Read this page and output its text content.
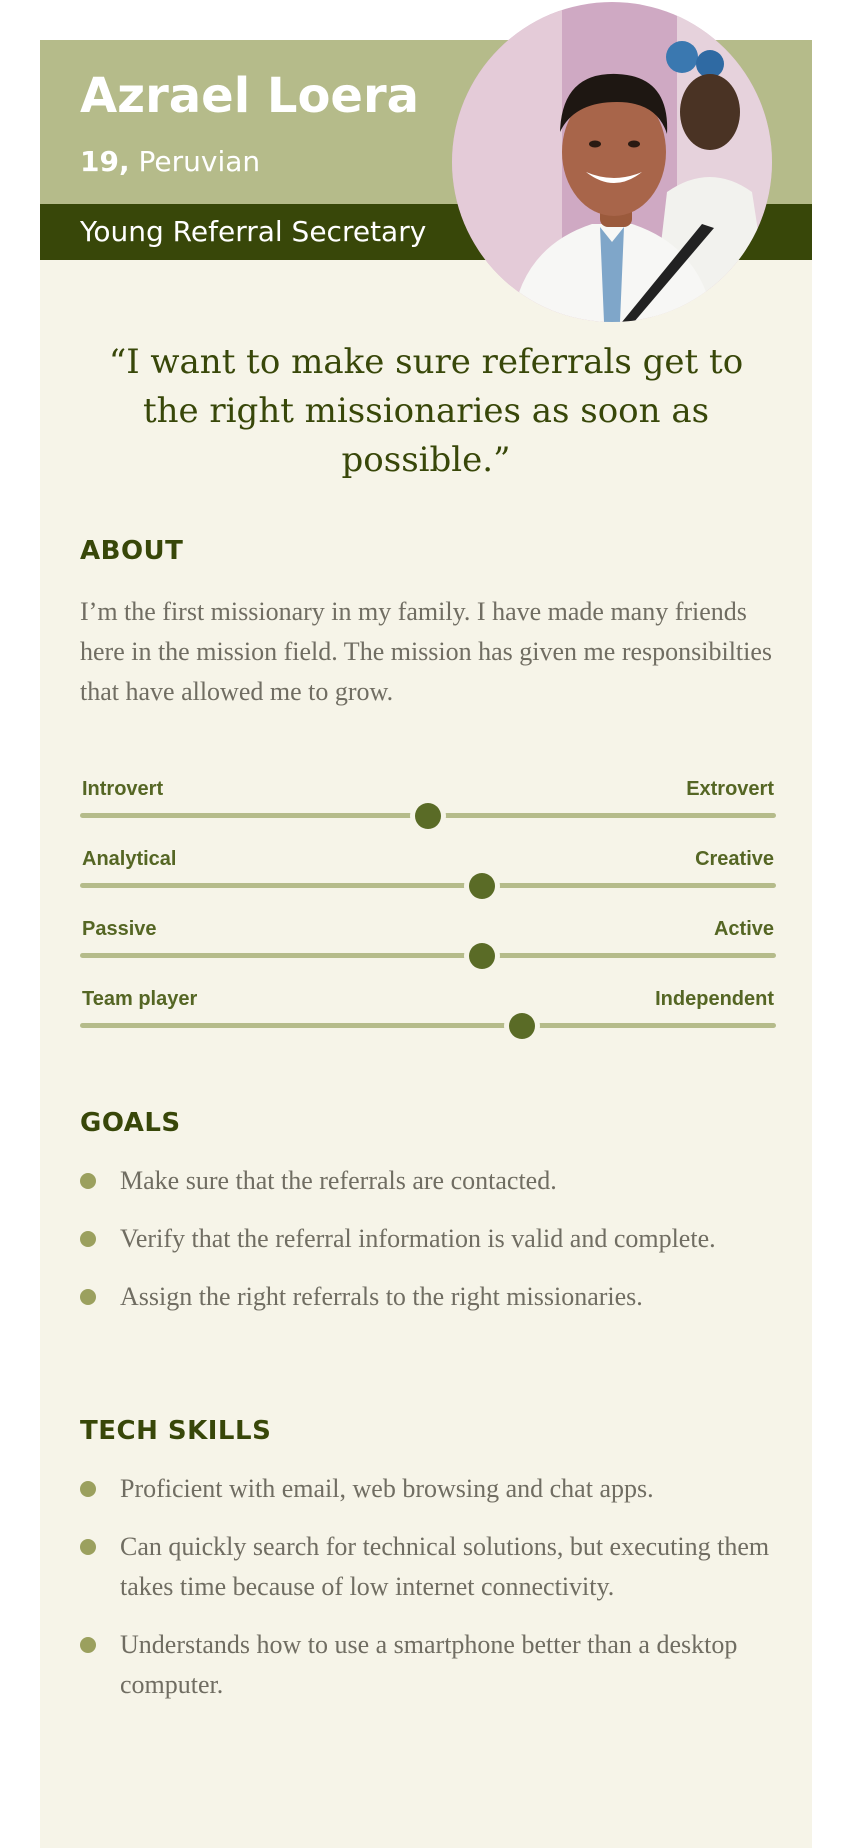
Azrael Loera
19, Peruvian
Young Referral Secretary
“I want to make sure referrals get to the right missionaries as soon as possible.”
ABOUT
I’m the first missionary in my family. I have made many friends here in the mission field. The mission has given me responsibilties that have allowed me to grow.
Introvert	Extrovert
Analytical	Creative
Passive	Active
Team player	Independent
GOALS
Make sure that the referrals are contacted.
Verify that the referral information is valid and complete.
Assign the right referrals to the right missionaries.
TECH SKILLS
Proficient with email, web browsing and chat apps.
Can quickly search for technical solutions, but executing them takes time because of low internet connectivity.
Understands how to use a smartphone better than a desktop computer.
